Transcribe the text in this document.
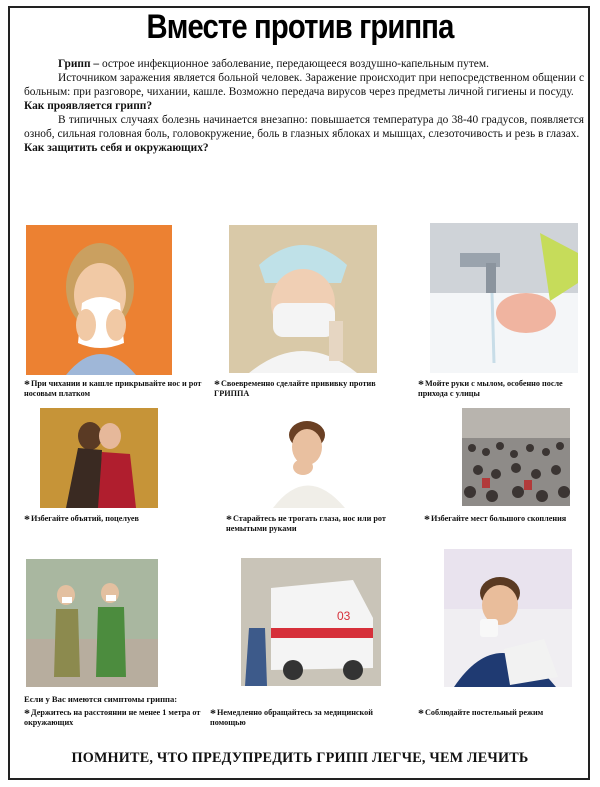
Вместе против гриппа

Грипп – острое инфекционное заболевание, передающееся воздушно-капельным путем.

Источником заражения является больной человек. Заражение происходит при непосредственном общении с больным: при разговоре, чихании, кашле. Возможно передача вирусов через предметы личной гигиены и посуду.

Как проявляется грипп?

В типичных случаях болезнь начинается внезапно: повышается температура до 38-40 градусов, появляется озноб, сильная головная боль, головокружение, боль в глазных яблоках и мышцах, слезоточивость и резь в глазах.

Как защитить себя и окружающих?

*При чихании и кашле прикрывайте нос и рот носовым платком
*Своевременно сделайте прививку против ГРИППА
*Мойте руки с мылом, особенно после прихода с улицы
*Избегайте объятий, поцелуев	*Старайтесь не трогать глаза, нос или рот немытыми руками
*Избегайте мест большого скопления
03
Если у Вас имеются симптомы гриппа:
*Держитесь на расстоянии не менее 1 метра от окружающих
*Немедленно обращайтесь за медицинской помощью
*Соблюдайте постельный режим
ПОМНИТЕ, ЧТО ПРЕДУПРЕДИТЬ ГРИПП ЛЕГЧЕ, ЧЕМ ЛЕЧИТЬ
